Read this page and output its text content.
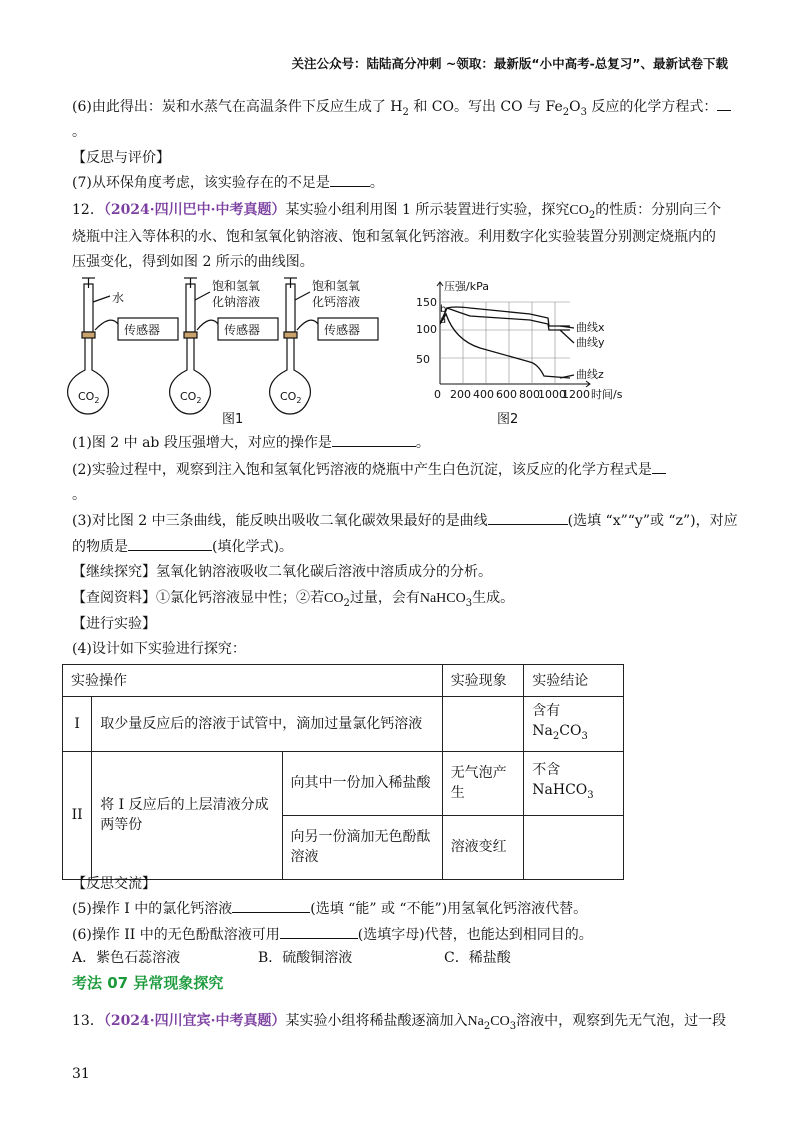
关注公众号：陆陆高分冲刺 ~领取：最新版“小中高考-总复习”、最新试卷下载
(6)由此得出：炭和水蒸气在高温条件下反应生成了 $H_2$ 和 CO。写出 CO 与 $Fe_2O_3$ 反应的化学方程式：
。
【反思与评价】
(7)从环保角度考虑，该实验存在的不足是	。
12．（2024·四川巴中·中考真题）某实验小组利用图 1 所示装置进行实验，探究$CO_2$的性质：分别向三个
烧瓶中注入等体积的水、饱和氢氧化钠溶液、饱和氢氧化钙溶液。利用数字化实验装置分别测定烧瓶内的
压强变化，得到如图 2 所示的曲线图。
水
饱和氢氧
化钠溶液
饱和氢氧
化钙溶液
传感器	传感器	传感器
$CO_2$	$CO_2$	$CO_2$
图1
压强/kPa
150
100
50
0 200 400 600 800
1000
1200 时间/s
b
a
曲线x
曲线y
曲线z
图2
(1)图 2 中 ab 段压强增大，对应的操作是	。
(2)实验过程中，观察到注入饱和氢氧化钙溶液的烧瓶中产生白色沉淀，该反应的化学方程式是
。
(3)对比图 2 中三条曲线，能反映出吸收二氧化碳效果最好的是曲线	(选填 “x”“y”或 “z”)，对应
的物质是	(填化学式)。
【继续探究】氢氧化钠溶液吸收二氧化碳后溶液中溶质成分的分析。
【查阅资料】①氯化钙溶液显中性；②若$CO_2$过量，会有NaHCO$_3$生成。
【进行实验】
(4)设计如下实验进行探究：
实验操作			实验现象	实验结论
I	取少量反应后的溶液于试管中，滴加过量氯化钙溶液			含有 $Na_2CO_3$
II	将 I 反应后的上层清液分成两等份	向其中一份加入稀盐酸	无气泡产生	不含
NaHCO$_3$
		向另一份滴加无色酚酞溶液	溶液变红	
【反思交流】
(5)操作 I 中的氯化钙溶液	(选填 “能” 或 “不能”)用氢氧化钙溶液代替。
(6)操作 II 中的无色酚酞溶液可用	(选填字母)代替，也能达到相同目的。
A．紫色石蕊溶液	B．硫酸铜溶液	C．稀盐酸
考法 07 异常现象探究
13．（2024·四川宜宾·中考真题）某实验小组将稀盐酸逐滴加入$Na_2CO_3$溶液中，观察到先无气泡，过一段
31
